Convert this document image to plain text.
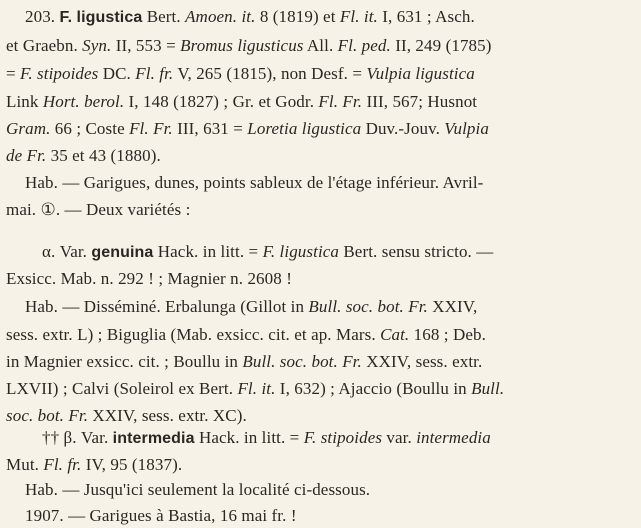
203. F. ligustica Bert. Amoen. it. 8 (1819) et Fl. it. I, 631 ; Asch.
et Graebn. Syn. II, 553 = Bromus ligusticus All. Fl. ped. II, 249 (1785)
= F. stipoides DC. Fl. fr. V, 265 (1815), non Desf. = Vulpia ligustica
Link Hort. berol. I, 148 (1827) ; Gr. et Godr. Fl. Fr. III, 567; Husnot
Gram. 66 ; Coste Fl. Fr. III, 631 = Loretia ligustica Duv.-Jouv. Vulpia
de Fr. 35 et 43 (1880).
Hab. — Garigues, dunes, points sableux de l'étage inférieur. Avril-
mai. ①. — Deux variétés :
α. Var. genuina Hack. in litt. = F. ligustica Bert. sensu stricto. —
Exsicc. Mab. n. 292 ! ; Magnier n. 2608 !
Hab. — Disséminé. Erbalunga (Gillot in Bull. soc. bot. Fr. XXIV,
sess. extr. L) ; Biguglia (Mab. exsicc. cit. et ap. Mars. Cat. 168 ; Deb.
in Magnier exsicc. cit. ; Boullu in Bull. soc. bot. Fr. XXIV, sess. extr.
LXVII) ; Calvi (Soleirol ex Bert. Fl. it. I, 632) ; Ajaccio (Boullu in Bull.
soc. bot. Fr. XXIV, sess. extr. XC).
†† β. Var. intermedia Hack. in litt. = F. stipoides var. intermedia
Mut. Fl. fr. IV, 95 (1837).
Hab. — Jusqu'ici seulement la localité ci-dessous.
1907. — Garigues à Bastia, 16 mai fr. !
